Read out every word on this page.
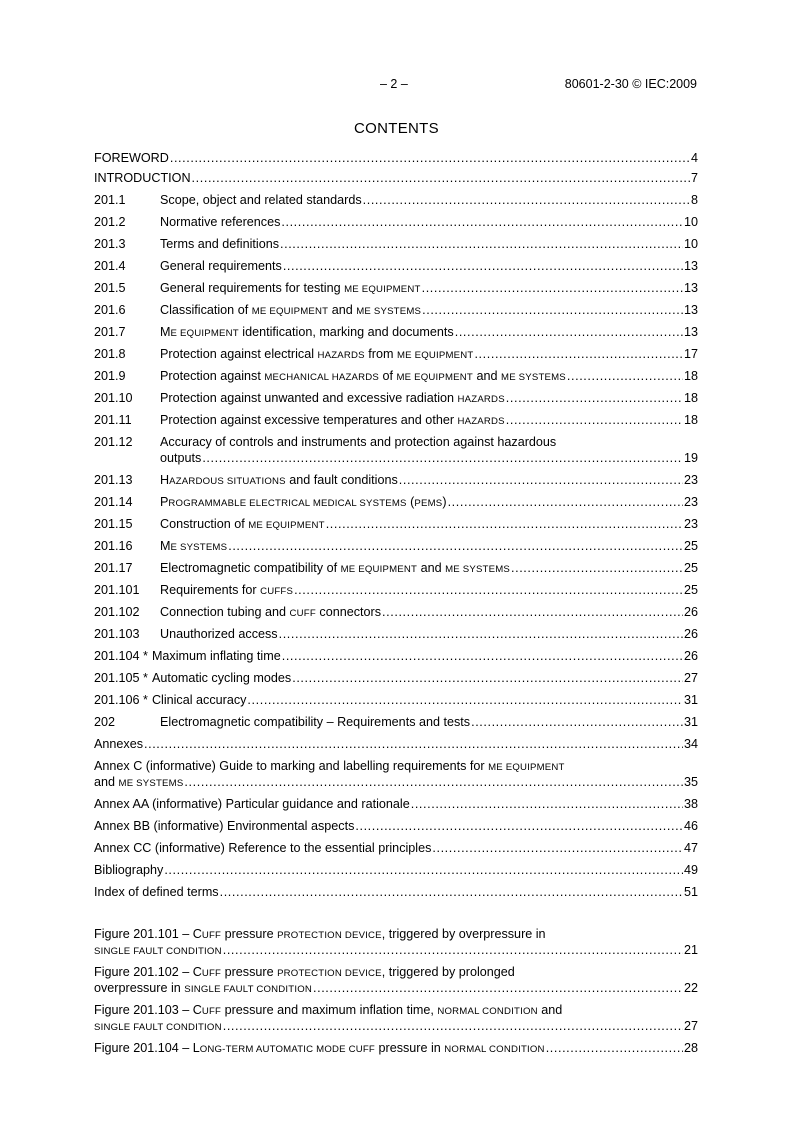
– 2 –	80601-2-30 © IEC:2009
CONTENTS
FOREWORD .....	4
INTRODUCTION .....	7
201.1	Scope, object and related standards .....	8
201.2	Normative references .....	10
201.3	Terms and definitions .....	10
201.4	General requirements .....	13
201.5	General requirements for testing ME EQUIPMENT .....	13
201.6	Classification of ME EQUIPMENT and ME SYSTEMS .....	13
201.7	ME EQUIPMENT identification, marking and documents .....	13
201.8	Protection against electrical HAZARDS from ME EQUIPMENT .....	17
201.9	Protection against MECHANICAL HAZARDS of ME EQUIPMENT and ME SYSTEMS .....	18
201.10	Protection against unwanted and excessive radiation HAZARDS .....	18
201.11	Protection against excessive temperatures and other HAZARDS .....	18
201.12	Accuracy of controls and instruments and protection against hazardous
outputs .....	19
201.13	HAZARDOUS SITUATIONS and fault conditions .....	23
201.14	PROGRAMMABLE ELECTRICAL MEDICAL SYSTEMS (PEMS) .....	23
201.15	Construction of ME EQUIPMENT .....	23
201.16	ME SYSTEMS .....	25
201.17	Electromagnetic compatibility of ME EQUIPMENT and ME SYSTEMS .....	25
201.101	Requirements for CUFFS .....	25
201.102	Connection tubing and CUFF connectors .....	26
201.103	Unauthorized access .....	26
201.104 * Maximum inflating time .....	26
201.105 * Automatic cycling modes .....	27
201.106 * Clinical accuracy .....	31
202	Electromagnetic compatibility – Requirements and tests .....	31
Annexes .....	34
Annex C (informative) Guide to marking and labelling requirements for ME EQUIPMENT
and ME SYSTEMS .....	35
Annex AA (informative) Particular guidance and rationale .....	38
Annex BB (informative) Environmental aspects .....	46
Annex CC (informative) Reference to the essential principles .....	47
Bibliography .....	49
Index of defined terms .....	51
Figure 201.101 – CUFF pressure PROTECTION DEVICE, triggered by overpressure in
SINGLE FAULT CONDITION .....	21
Figure 201.102 – CUFF pressure PROTECTION DEVICE, triggered by prolonged
overpressure in SINGLE FAULT CONDITION .....	22
Figure 201.103 – CUFF pressure and maximum inflation time, NORMAL CONDITION and
SINGLE FAULT CONDITION .....	27
Figure 201.104 – LONG-TERM AUTOMATIC MODE CUFF pressure in NORMAL CONDITION .....	28
